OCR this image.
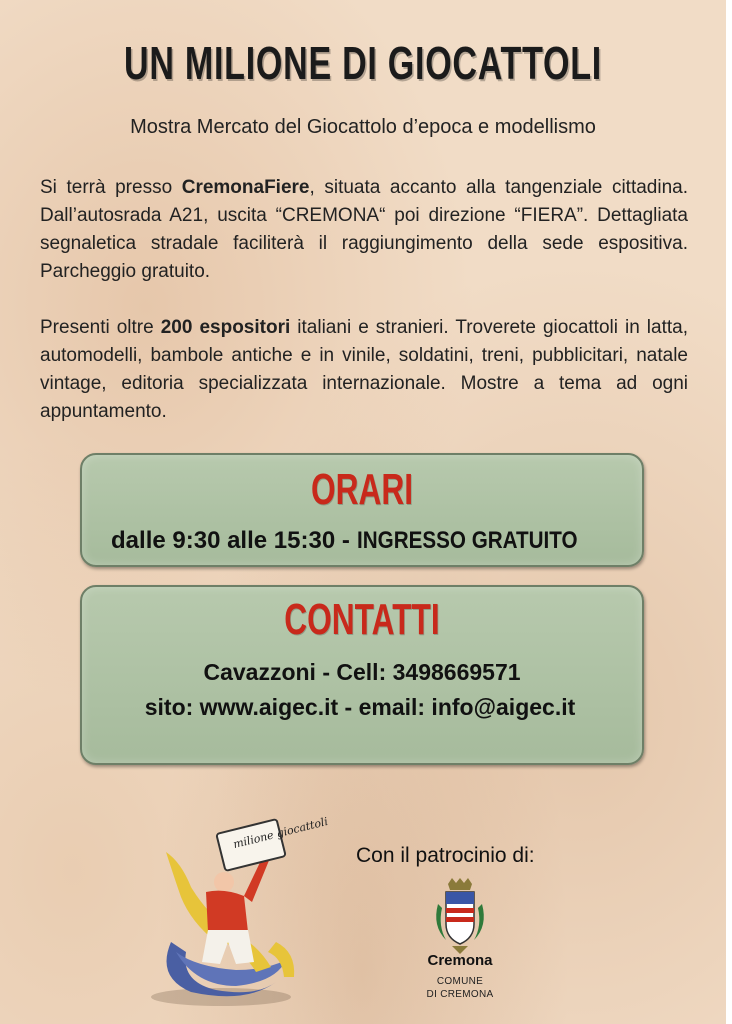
UN MILIONE DI GIOCATTOLI

Mostra Mercato del Giocattolo d’epoca e modellismo

Si terrà presso CremonaFiere, situata accanto alla tangenziale cittadina. Dall’autosrada A21, uscita “CREMONA“ poi direzione “FIERA”. Dettagliata segnaletica stradale faciliterà il raggiungimento della sede espositiva. Parcheggio gratuito.

Presenti oltre 200 espositori italiani e stranieri. Troverete giocattoli in latta, automodelli, bambole antiche e in vinile, soldatini, treni, pubblicitari, natale vintage, editoria specializzata internazionale. Mostre a tema ad ogni appuntamento.

ORARI

dalle 9:30 alle 15:30 - INGRESSO GRATUITO

CONTATTI

Cavazzoni - Cell: 3498669571

sito: www.aigec.it - email: info@aigec.it

milione giocattoli

Con il patrocinio di:

Cremona

COMUNE

DI CREMONA
